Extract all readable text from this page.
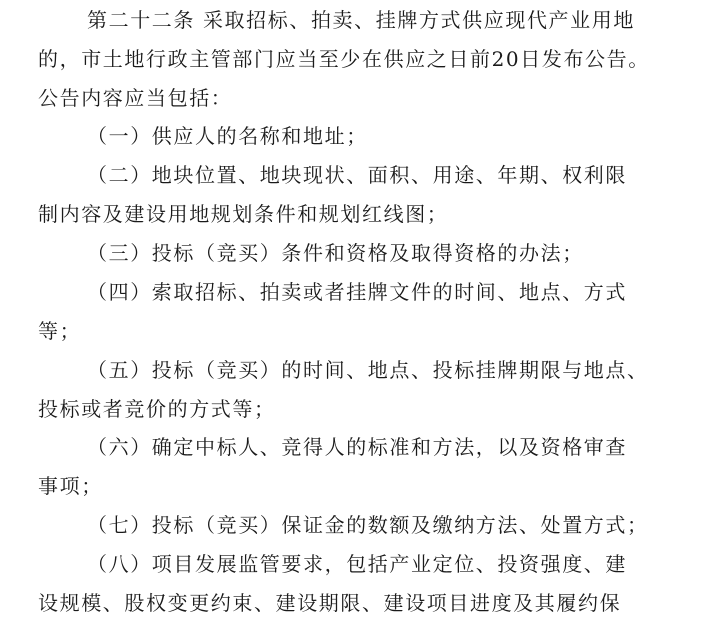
第二十二条 采取招标、拍卖、挂牌方式供应现代产业用地
的，市土地行政主管部门应当至少在供应之日前20日发布公告。
公告内容应当包括：
（一）供应人的名称和地址；
（二）地块位置、地块现状、面积、用途、年期、权利限
制内容及建设用地规划条件和规划红线图；
（三）投标（竞买）条件和资格及取得资格的办法；
（四）索取招标、拍卖或者挂牌文件的时间、地点、方式
等；
（五）投标（竞买）的时间、地点、投标挂牌期限与地点、
投标或者竞价的方式等；
（六）确定中标人、竞得人的标准和方法，以及资格审查
事项；
（七）投标（竞买）保证金的数额及缴纳方法、处置方式；
（八）项目发展监管要求，包括产业定位、投资强度、建
设规模、股权变更约束、建设期限、建设项目进度及其履约保
